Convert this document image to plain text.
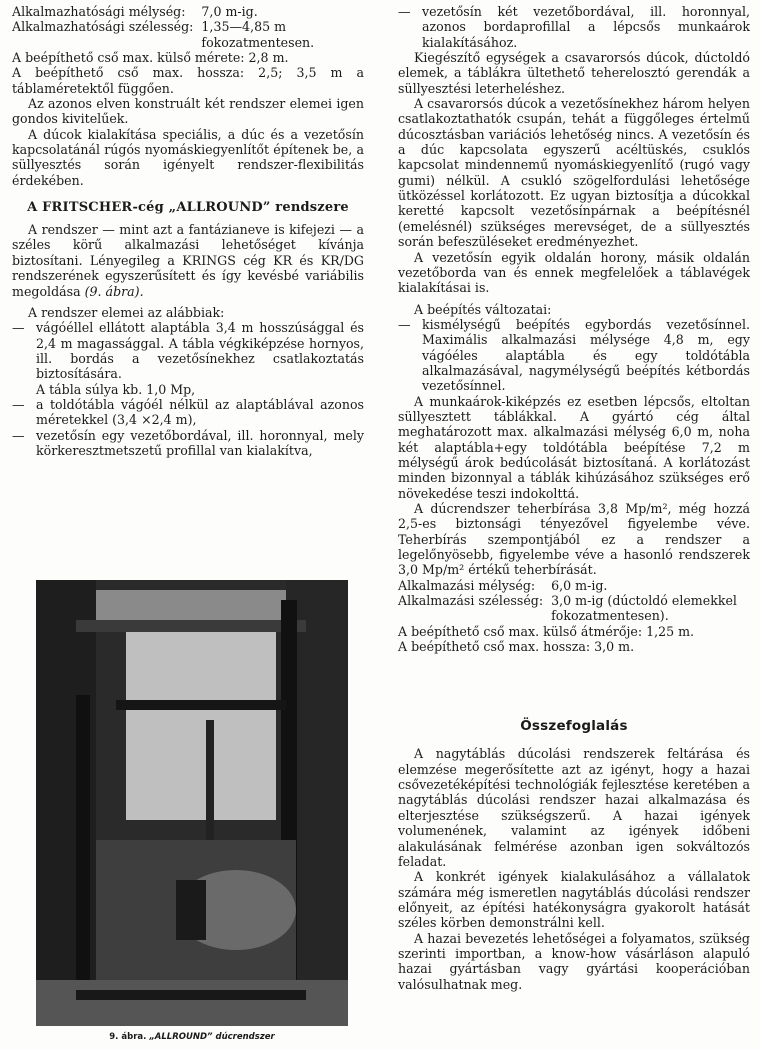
Alkalmazhatósági mélység:	7,0 m-ig.
Alkalmazhatósági szélesség:	1,35—4,85 m fokozatmentesen.

A beépíthető cső max. külső mérete: 2,8 m.

A beépíthető cső max. hossza: 2,5; 3,5 m a táblaméretektől függően.

Az azonos elven konstruált két rendszer elemei igen gondos kivitelűek.

A dúcok kialakítása speciális, a dúc és a vezetősín kapcsolatánál rúgós nyomáskiegyenlítőt építenek be, a süllyesztés során igényelt rendszer-flexibilitás érdekében.

A FRITSCHER-cég „ALLROUND” rendszere

A rendszer — mint azt a fantázianeve is kifejezi — a széles körű alkalmazási lehetőséget kívánja biztosítani. Lényegileg a KRINGS cég KR és KR/DG rendszerének egyszerűsített és így kevésbé variábilis megoldása (9. ábra).

A rendszer elemei az alábbiak:

— vágóéllel ellátott alaptábla 3,4 m hosszúsággal és 2,4 m magassággal. A tábla végkiképzése hornyos, ill. bordás a vezetősínekhez csatlakoztatás biztosítására.
A tábla súlya kb. 1,0 Mp,
— a toldótábla vágóél nélkül az alaptáblával azonos méretekkel (3,4 ×2,4 m),
— vezetősín egy vezetőbordával, ill. horonnyal, mely körkeresztmetszetű profillal van kialakítva,
9. ábra. „ALLROUND” dúcrendszer
— vezetősín két vezetőbordával, ill. horonnyal, azonos bordaprofillal a lépcsős munkaárok kialakításához.

Kiegészítő egységek a csavarorsós dúcok, dúctoldó elemek, a táblákra ültethető teherelosztó gerendák a süllyesztési leterheléshez.

A csavarorsós dúcok a vezetősínekhez három helyen csatlakoztathatók csupán, tehát a függőleges értelmű dúcosztásban variációs lehetőség nincs. A vezetősín és a dúc kapcsolata egyszerű acéltüskés, csuklós kapcsolat mindennemű nyomáskiegyenlítő (rugó vagy gumi) nélkül. A csukló szögelfordulási lehetősége ütközéssel korlátozott. Ez ugyan biztosítja a dúcokkal keretté kapcsolt vezetősínpárnak a beépítésnél (emelésnél) szükséges merevséget, de a süllyesztés során befeszüléseket eredményezhet.

A vezetősín egyik oldalán horony, másik oldalán vezetőborda van és ennek megfelelőek a táblavégek kialakításai is.

A beépítés változatai:

— kismélységű beépítés egybordás vezetősínnel. Maximális alkalmazási mélysége 4,8 m, egy vágóéles alaptábla és egy toldótábla alkalmazásával, nagymélységű beépítés kétbordás vezetősínnel.

A munkaárok-kiképzés ez esetben lépcsős, eltoltan süllyesztett táblákkal. A gyártó cég által meghatározott max. alkalmazási mélység 6,0 m, noha két alaptábla+egy toldótábla beépítése 7,2 m mélységű árok bedúcolását biztosítaná. A korlátozást minden bizonnyal a táblák kihúzásához szükséges erő növekedése teszi indokolttá.

A dúcrendszer teherbírása 3,8 Mp/m², még hozzá 2,5-es biztonsági tényezővel figyelembe véve. Teherbírás szempontjából ez a rendszer a legelőnyösebb, figyelembe véve a hasonló rendszerek 3,0 Mp/m² értékű teherbírását.

Alkalmazási mélység:	6,0 m-ig.
Alkalmazási szélesség:	3,0 m-ig (dúctoldó elemekkel fokozatmentesen).

A beépíthető cső max. külső átmérője: 1,25 m.

A beépíthető cső max. hossza: 3,0 m.

Összefoglalás

A nagytáblás dúcolási rendszerek feltárása és elemzése megerősítette azt az igényt, hogy a hazai csővezetéképítési technológiák fejlesztése keretében a nagytáblás dúcolási rendszer hazai alkalmazása és elterjesztése szükségszerű. A hazai igények volumenének, valamint az igények időbeni alakulásának felmérése azonban igen sokváltozós feladat.

A konkrét igények kialakulásához a vállalatok számára még ismeretlen nagytáblás dúcolási rendszer előnyeit, az építési hatékonyságra gyakorolt hatását széles körben demonstrálni kell.

A hazai bevezetés lehetőségei a folyamatos, szükség szerinti importban, a know-how vásárláson alapuló hazai gyártásban vagy gyártási kooperációban valósulhatnak meg.
